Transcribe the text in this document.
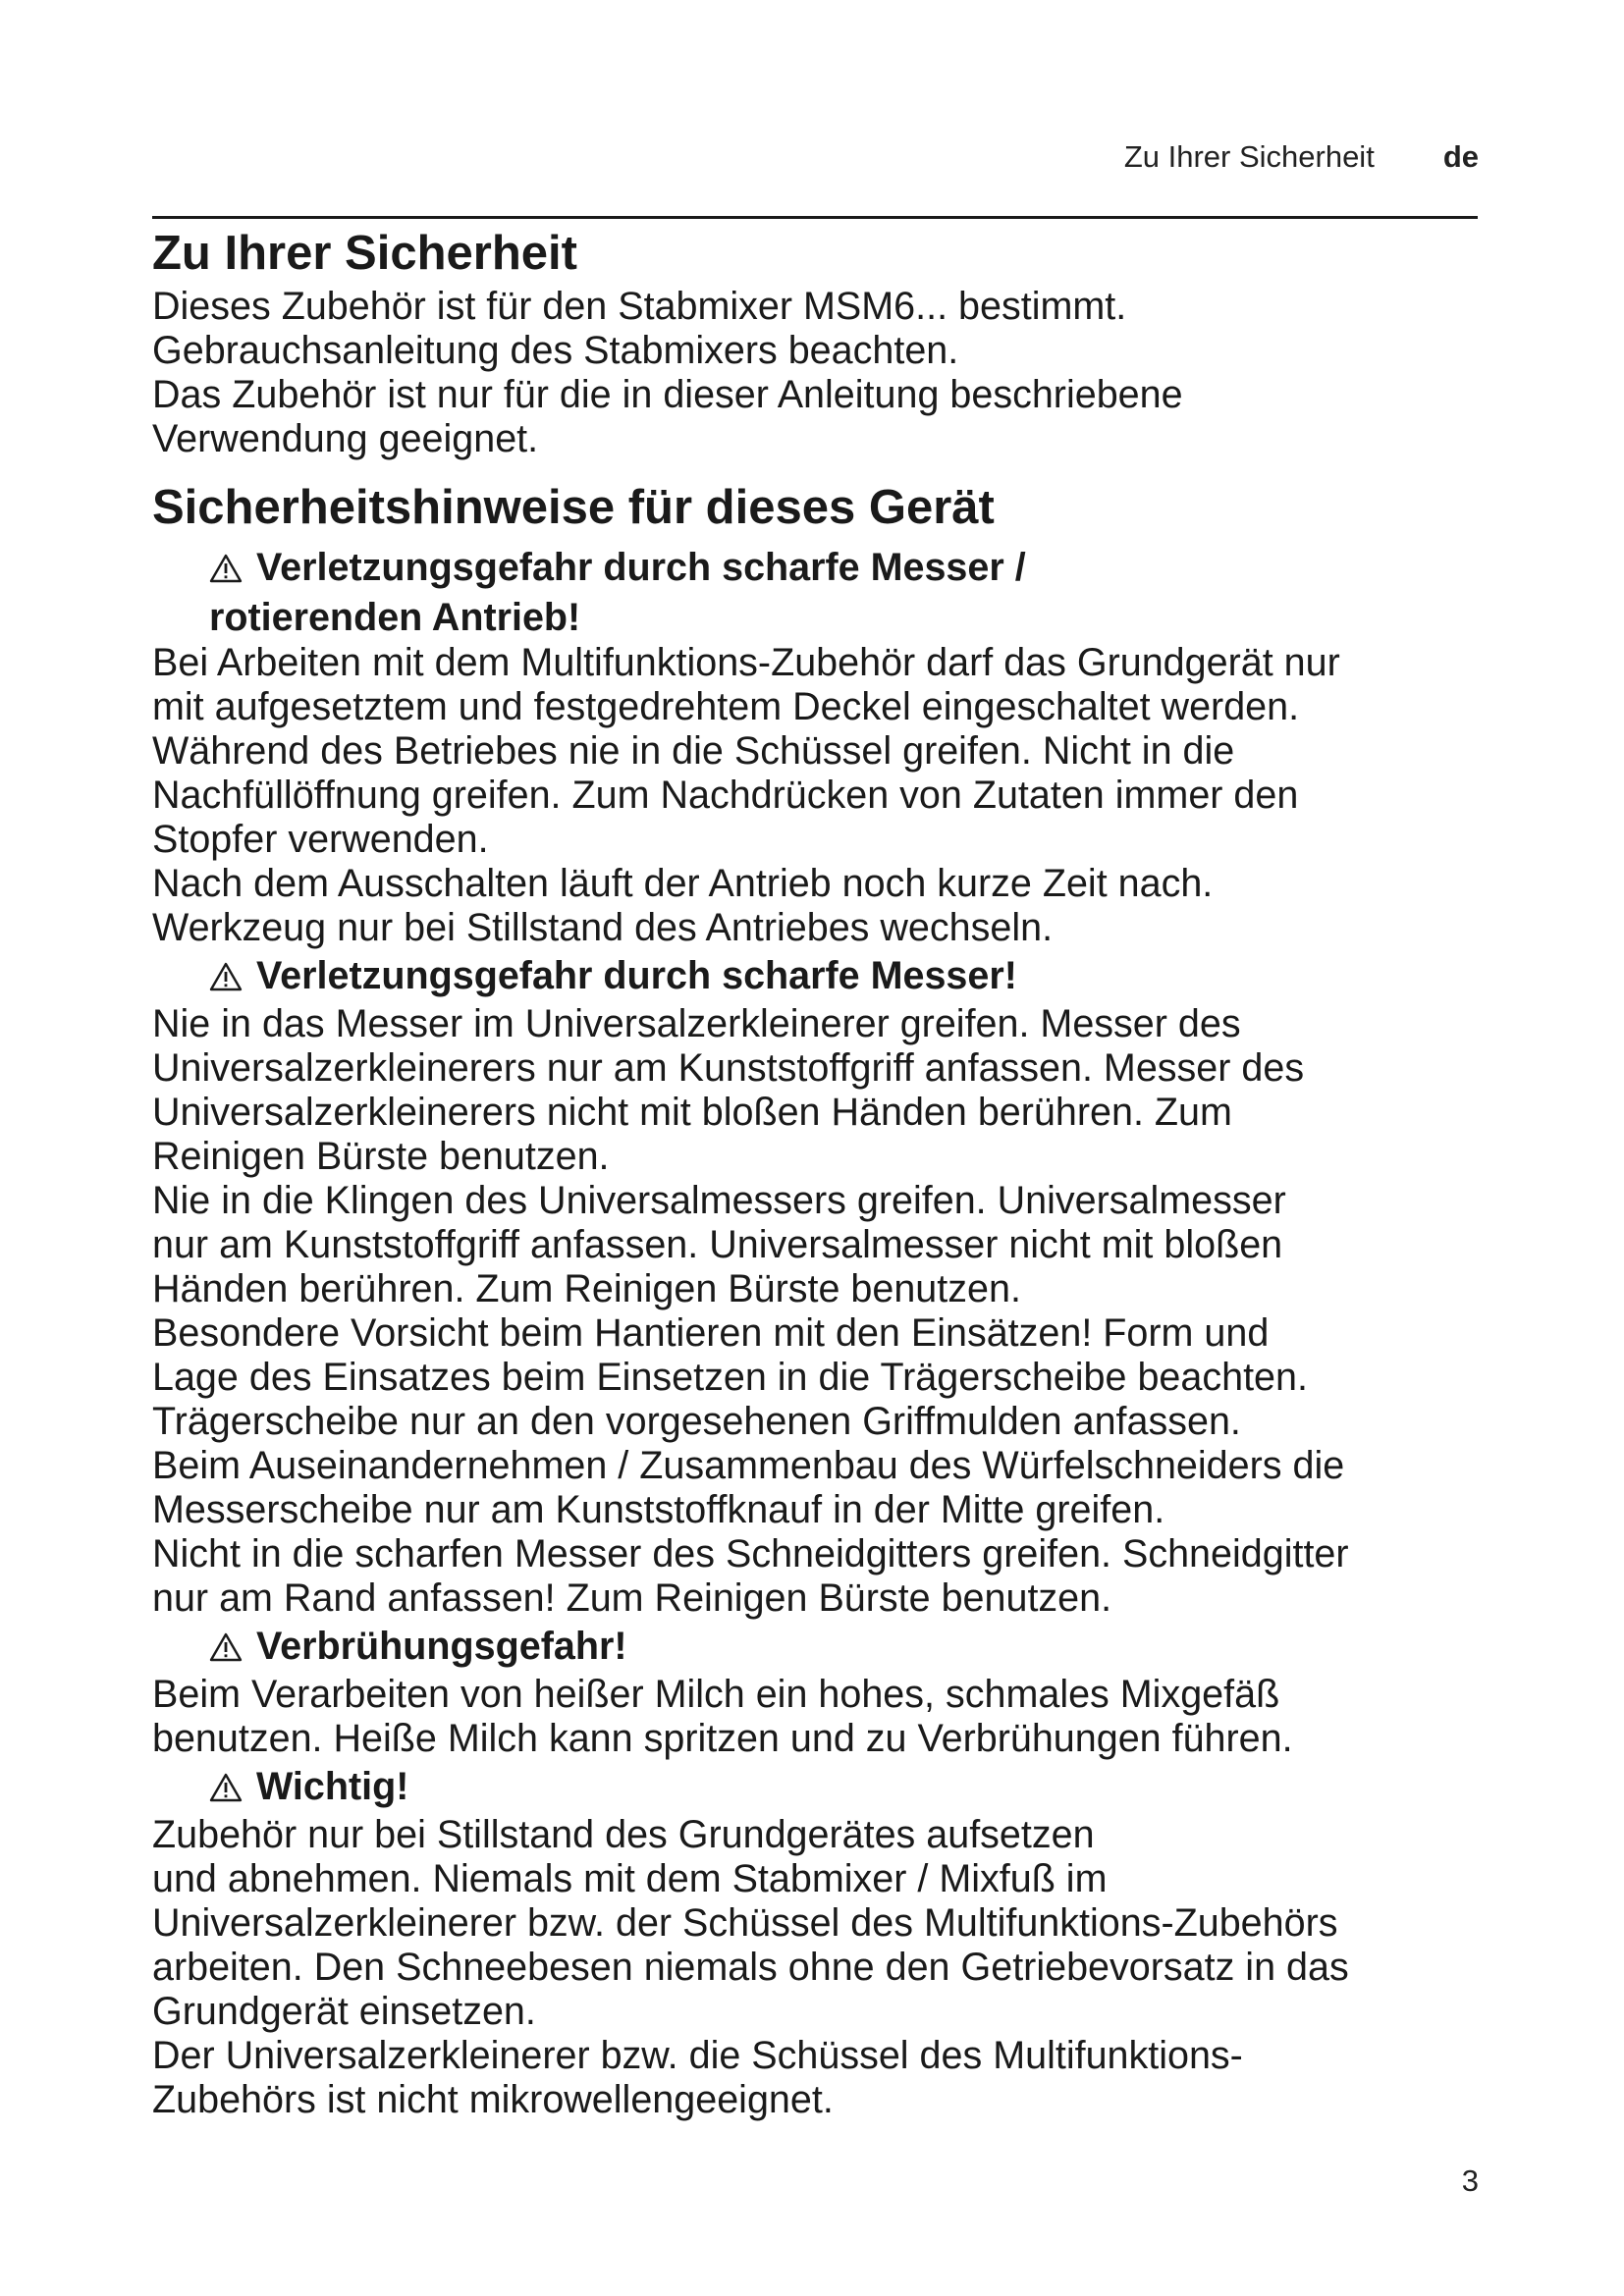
Zu Ihrer Sicherheit de
Zu Ihrer Sicherheit

Dieses Zubehör ist für den Stabmixer MSM6... bestimmt.

Gebrauchsanleitung des Stabmixers beachten.

Das Zubehör ist nur für die in dieser Anleitung beschriebene

Verwendung geeignet.

Sicherheitshinweise für dieses Gerät
Verletzungsgefahr durch scharfe Messer /
rotierenden Antrieb!

Bei Arbeiten mit dem Multifunktions-Zubehör darf das Grundgerät nur

mit aufgesetztem und festgedrehtem Deckel eingeschaltet werden.

Während des Betriebes nie in die Schüssel greifen. Nicht in die

Nachfüllöffnung greifen. Zum Nachdrücken von Zutaten immer den

Stopfer verwenden.

Nach dem Ausschalten läuft der Antrieb noch kurze Zeit nach.

Werkzeug nur bei Stillstand des Antriebes wechseln.

Verletzungsgefahr durch scharfe Messer!

Nie in das Messer im Universalzerkleinerer greifen. Messer des

Universalzerkleinerers nur am Kunststoffgriff anfassen. Messer des

Universalzerkleinerers nicht mit bloßen Händen berühren. Zum

Reinigen Bürste benutzen.

Nie in die Klingen des Universalmessers greifen. Universalmesser

nur am Kunststoffgriff anfassen. Universalmesser nicht mit bloßen

Händen berühren. Zum Reinigen Bürste benutzen.

Besondere Vorsicht beim Hantieren mit den Einsätzen! Form und

Lage des Einsatzes beim Einsetzen in die Trägerscheibe beachten.

Trägerscheibe nur an den vorgesehenen Griffmulden anfassen.

Beim Auseinandernehmen / Zusammenbau des Würfelschneiders die

Messerscheibe nur am Kunststoffknauf in der Mitte greifen.

Nicht in die scharfen Messer des Schneidgitters greifen. Schneidgitter

nur am Rand anfassen! Zum Reinigen Bürste benutzen.

Verbrühungsgefahr!

Beim Verarbeiten von heißer Milch ein hohes, schmales Mixgefäß

benutzen. Heiße Milch kann spritzen und zu Verbrühungen führen.

Wichtig!

Zubehör nur bei Stillstand des Grundgerätes aufsetzen

und abnehmen. Niemals mit dem Stabmixer / Mixfuß im

Universalzerkleinerer bzw. der Schüssel des Multifunktions-Zubehörs

arbeiten. Den Schneebesen niemals ohne den Getriebevorsatz in das

Grundgerät einsetzen.

Der Universalzerkleinerer bzw. die Schüssel des Multifunktions-

Zubehörs ist nicht mikrowellengeeignet.

3
